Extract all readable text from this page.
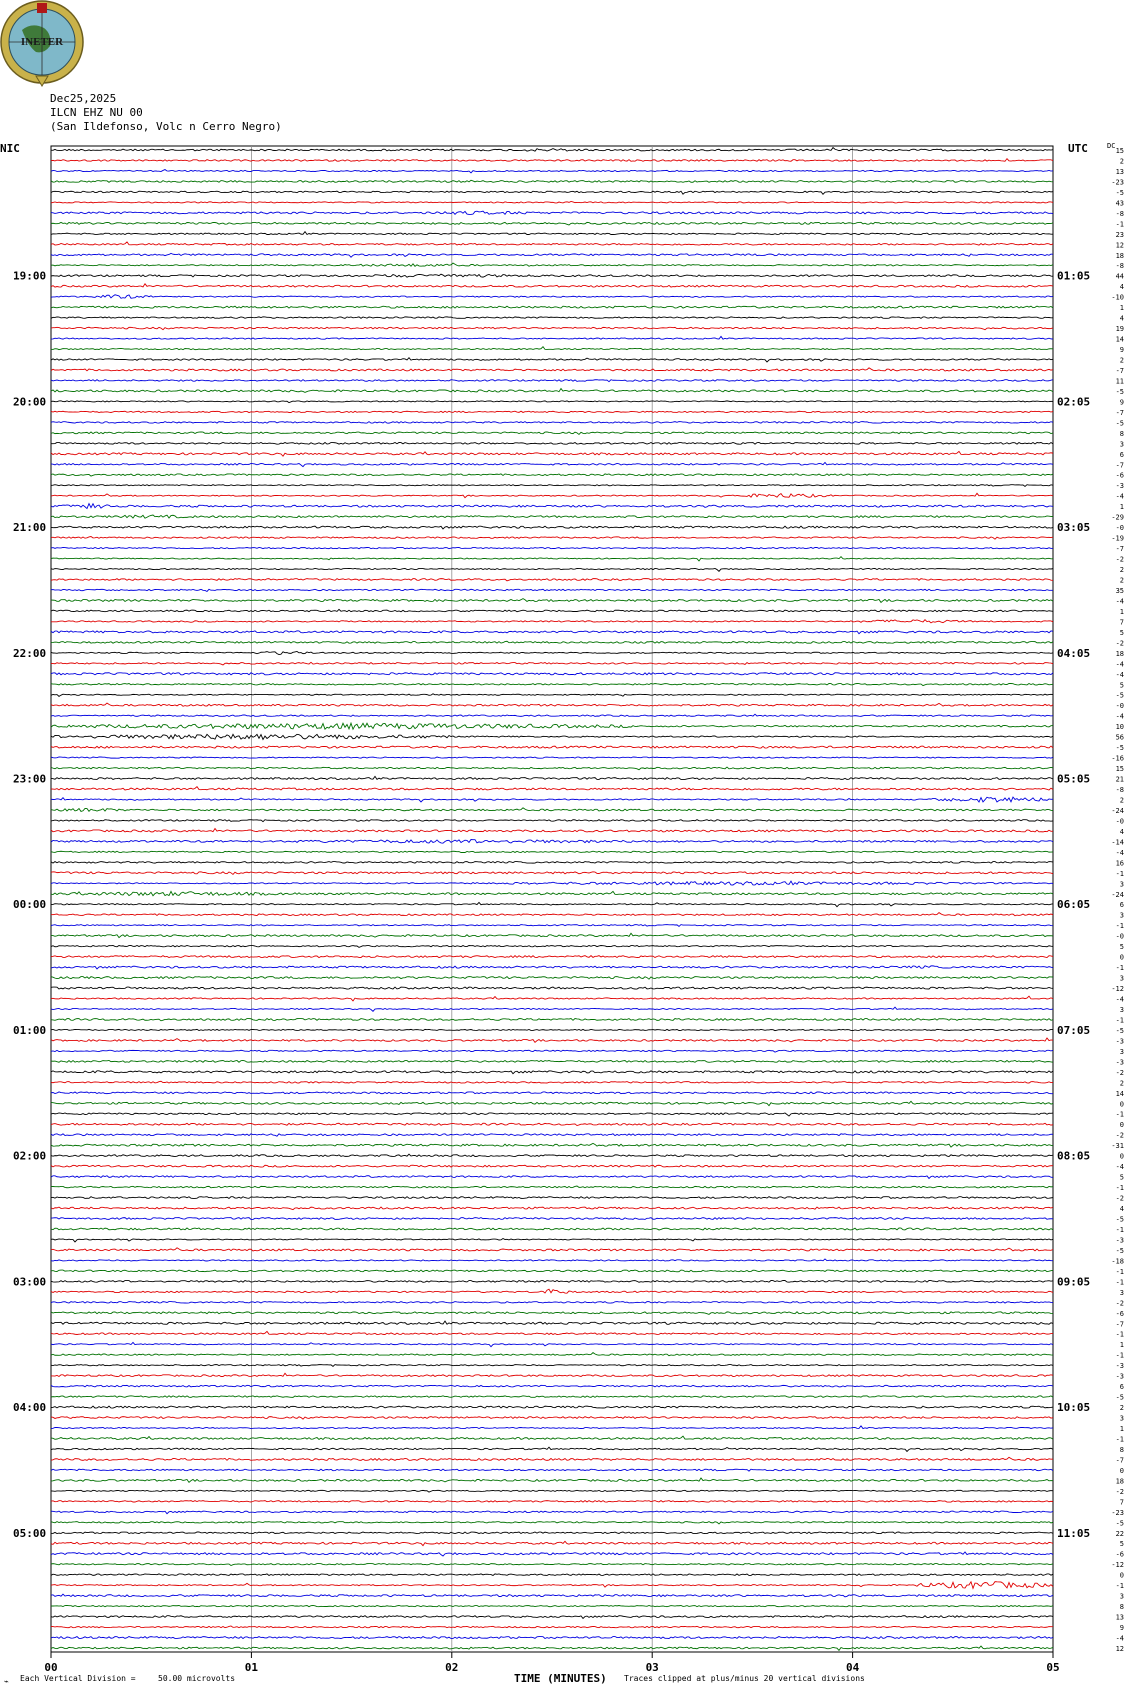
INETER
Dec25,2025
ILCN EHZ NU 00
(San Ildefonso, Volc n Cerro Negro)
NIC	UTC	DC
00	01	02	03	04	05
15
2
13
-23
-5
43
-8
-1
23
12
18
-8
44
4
-10
1
4
19
14
9
2
-7
11
-5
9
-7
-5
8
3
6
-7
-6
-3
-4
1
-29
-0
-19
-7
-2
2
2
35
-4
1
7
5
-2
18
-4
-4
5
-5
-0
-4
10
56
-5
-16
15
21
-8
2
-24
-0
4
-14
-4
16
-1
3
-24
6
3
-1
-0
5
0
-1
3
-12
-4
3
-1
-5
-3
3
-3
-2
2
14
0
-1
0
-2
-31
0
-4
5
-1
-2
4
-5
-1
-3
-5
-18
-1
-1
3
-2
-6
-7
-1
1
-1
-3
-3
6
-5
2
3
1
-1
8
-7
0
18
-2
7
-23
-5
22
5
-6
-12
0
-1
3
8
13
9
-4
12
19:00	01:05
20:00	02:05
21:00	03:05
22:00	04:05
23:00	05:05
00:00	06:05
01:00	07:05
02:00	08:05
03:00	09:05
04:00	10:05
05:00	11:05
⌁ Each Vertical Division =	50.00 microvolts	TIME (MINUTES) Traces clipped at plus/minus 20 vertical divisions
